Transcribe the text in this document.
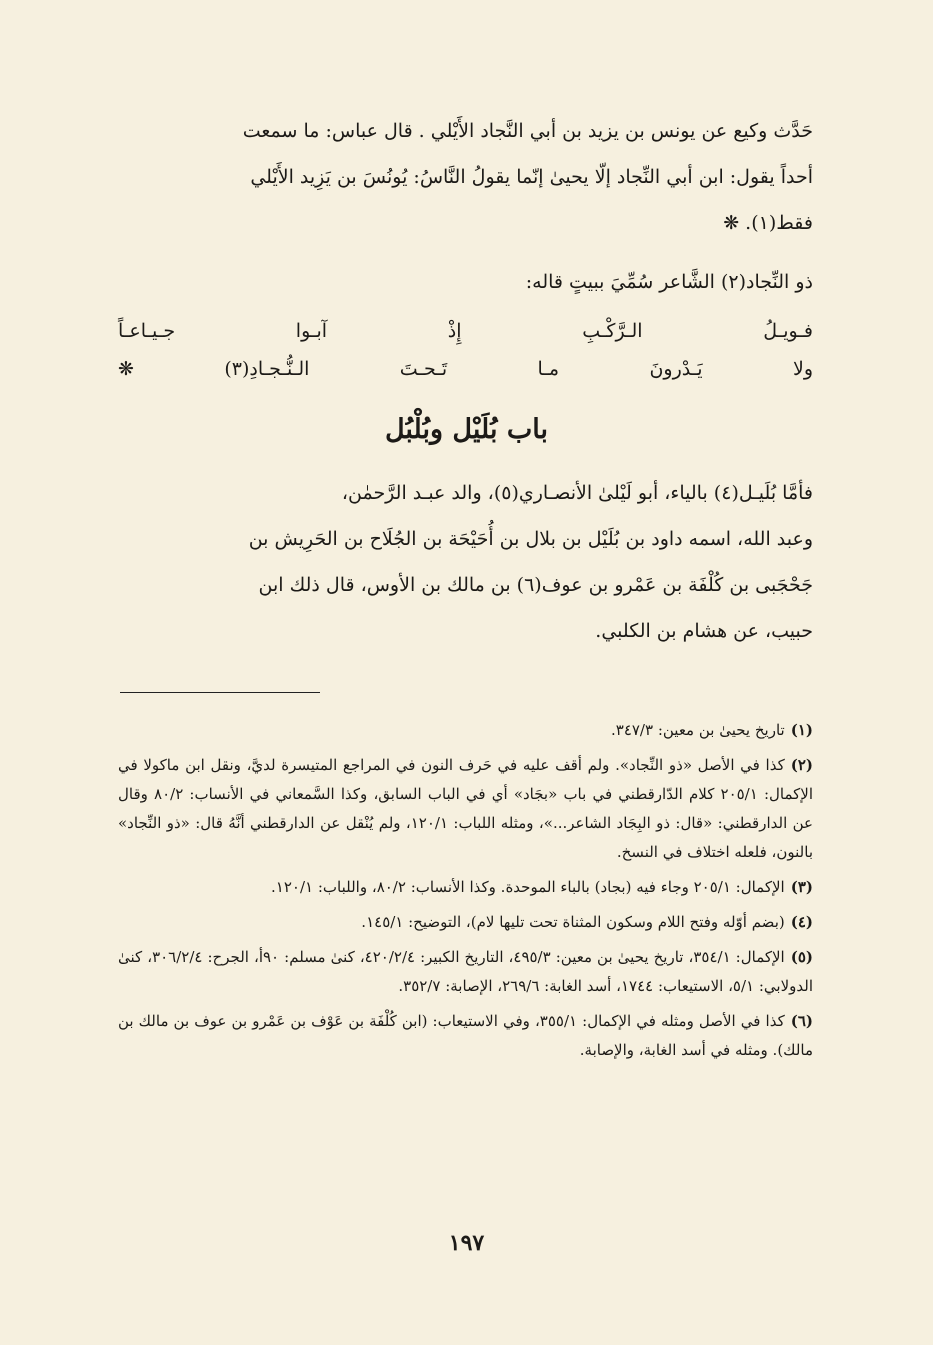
حَدَّث وكيع عن يونس بن يزيد بن أبي النَّجاد الأَيْلي . قال عباس: ما سمعت

أحداً يقول: ابن أبي النِّجاد إلّا يحيىٰ إنّما يقولُ النَّاسُ: يُونُسَ بن يَزِيد الأَيْلي

فقط(١). ❋

ذو النِّجاد(٢) الشَّاعر سُمِّيَ ببيتٍ قاله:
فـويـلُ الـرَّكْـبِ إِذْ آبـوا جـيـاعـاً
ولا يَـدْرونَ مـا تَـحـتَ الـنُّـجـادِ(٣) ❋
باب بُلَيْل وبُلْبُل

فأمَّا بُلَيـل(٤) بالياء، أبو لَيْلىٰ الأنصـاري(٥)، والد عبـد الرَّحمٰن،

وعبد الله، اسمه داود بن بُلَيْل بن بلال بن أُحَيْحَة بن الجُلَاح بن الحَرِيش بن

جَحْجَبى بن كُلْفَة بن عَمْرو بن عوف(٦) بن مالك بن الأوس، قال ذلك ابن

حبيب، عن هشام بن الكلبي.

(١)تاريخ يحيىٰ بن معين: ٣٤٧/٣.

(٢)كذا في الأصل «ذو النِّجاد». ولم أقف عليه في حَرف النون في المراجع المتيسرة لديَّ، ونقل ابن ماكولا في الإكمال: ٢٠٥/١ كلام الدّارقطني في باب «بجَاد» أي في الباب السابق، وكذا السَّمعاني في الأنساب: ٨٠/٢ وقال عن الدارقطني: «قال: ذو البِجَاد الشاعر...»، ومثله اللباب: ١٢٠/١، ولم يُنْقل عن الدارقطني أنَّهُ قال: «ذو النِّجاد» بالنون، فلعله اختلاف في النسخ.

(٣)الإكمال: ٢٠٥/١ وجاء فيه (بجاد) بالباء الموحدة. وكذا الأنساب: ٨٠/٢، واللباب: ١٢٠/١.

(٤)(بضم أوّله وفتح اللام وسكون المثناة تحت تليها لام)، التوضيح: ١٤٥/١.

(٥)الإكمال: ٣٥٤/١، تاريخ يحيىٰ بن معين: ٤٩٥/٣، التاريخ الكبير: ٤٢٠/٢/٤، كنىٰ مسلم: ٩٠أ، الجرح: ٣٠٦/٢/٤، كنىٰ الدولابي: ٥/١، الاستيعاب: ١٧٤٤، أسد الغابة: ٢٦٩/٦، الإصابة: ٣٥٢/٧.

(٦)كذا في الأصل ومثله في الإكمال: ٣٥٥/١، وفي الاستيعاب: (ابن كُلْفَة بن عَوْف بن عَمْرو بن عوف بن مالك بن مالك). ومثله في أسد الغابة، والإصابة.

١٩٧
